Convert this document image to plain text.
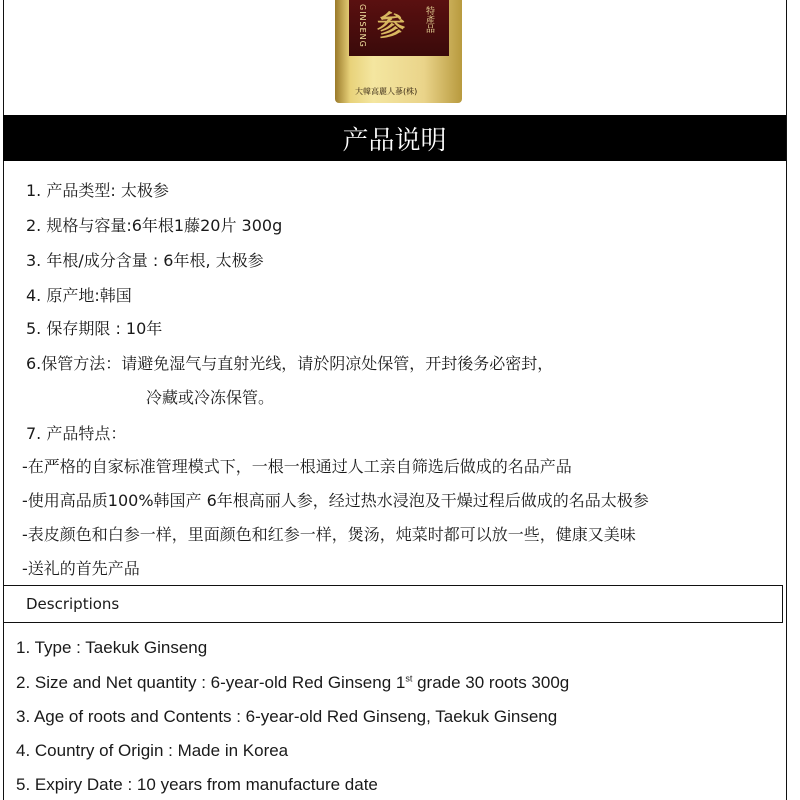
GINSENG 参 特產品
大韓高麗人蔘(株)
产品说明
1. 产品类型: 太极参
2. 规格与容量:6年根1藤20片 300g
3. 年根/成分含量 : 6年根, 太极参
4. 原产地:韩国
5. 保存期限 : 10年
6.保管方法：请避免湿气与直射光线，请於阴凉处保管，开封後务必密封，
冷藏或冷冻保管。
7. 产品特点：
-在严格的自家标准管理模式下，一根一根通过人工亲自筛选后做成的名品产品
-使用高品质100%韩国产 6年根高丽人参，经过热水浸泡及干燥过程后做成的名品太极参
-表皮颜色和白参一样，里面颜色和红参一样，煲汤，炖菜时都可以放一些，健康又美味
-送礼的首先产品
Descriptions
1. Type : Taekuk Ginseng
2. Size and Net quantity : 6-year-old Red Ginseng 1st grade 30 roots 300g
3. Age of roots and Contents : 6-year-old Red Ginseng, Taekuk Ginseng
4. Country of Origin : Made in Korea
5. Expiry Date : 10 years from manufacture date
